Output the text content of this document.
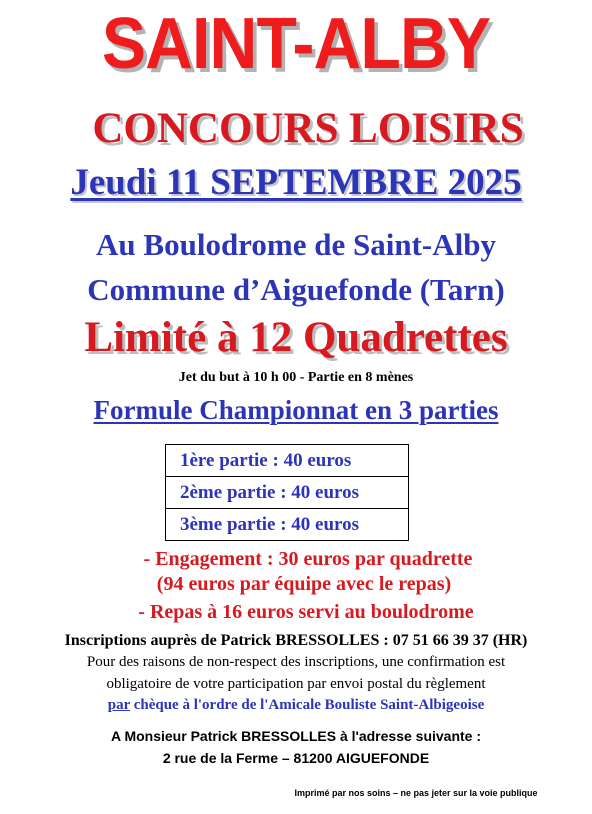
SAINT-ALBY
CONCOURS LOISIRS
Jeudi 11 SEPTEMBRE 2025
Au Boulodrome de Saint-Alby
Commune d’Aiguefonde (Tarn)
Limité à 12 Quadrettes
Jet du but à 10 h 00 - Partie en 8 mènes
Formule Championnat en 3 parties
1ère partie : 40 euros
2ème partie : 40 euros
3ème partie : 40 euros
- Engagement : 30 euros par quadrette
(94 euros par équipe avec le repas)
- Repas à 16 euros servi au boulodrome
Inscriptions auprès de Patrick BRESSOLLES : 07 51 66 39 37 (HR)
Pour des raisons de non-respect des inscriptions, une confirmation est
obligatoire de votre participation par envoi postal du règlement
par chèque à l'ordre de l'Amicale Bouliste Saint-Albigeoise
A Monsieur Patrick BRESSOLLES à l'adresse suivante :
2 rue de la Ferme – 81200 AIGUEFONDE
Imprimé par nos soins – ne pas jeter sur la voie publique
